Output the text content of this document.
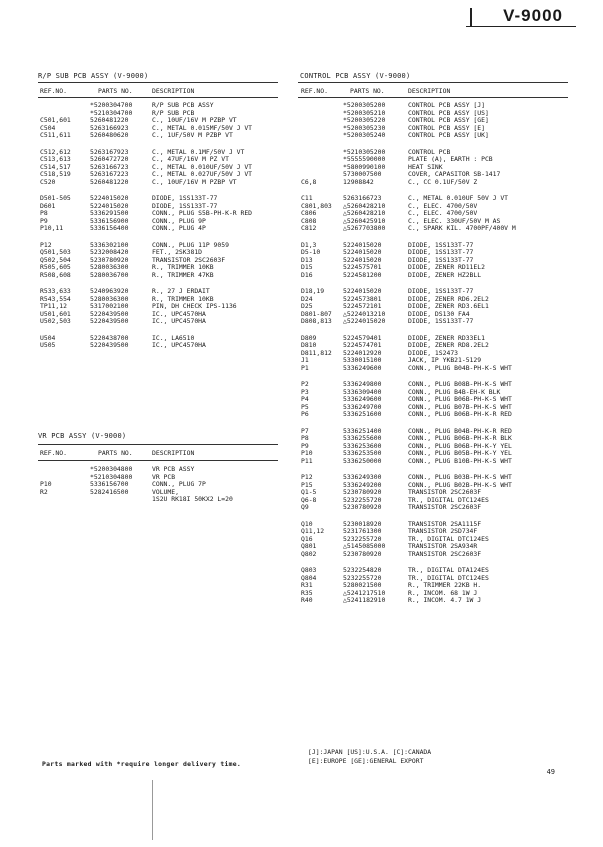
V-9000
R/P SUB PCB ASSY (V-9000)
REF.NO.	PARTS NO.	DESCRIPTION
*5200304700	R/P SUB PCB ASSY
*5210304700	R/P SUB PCB
C501,601	5260481220	C., 10UF/16V M PZBP VT
C504	5263166923	C., METAL 0.015MF/50V J VT
C511,611	5260480620	C., 1UF/50V M PZBP VT
C512,612	5263167923	C., METAL 0.1MF/50V J VT
C513,613	5260472720	C., 47UF/16V M PZ VT
C514,517	5263166723	C., METAL 0.010UF/50V J VT
C518,519	5263167223	C., METAL 0.027UF/50V J VT
C520	5260481220	C., 10UF/16V M PZBP VT
D501-505	5224015020	DIODE, 1SS133T-77
D601	5224015020	DIODE, 1SS133T-77
P8	5336291500	CONN., PLUG S5B-PH-K-R RED
P9	5336156900	CONN., PLUG 9P
P10,11	5336156400	CONN., PLUG 4P
P12	5336302100	CONN., PLUG 11P 9059
Q501,503	5232008420	FET., 2SK381D
Q502,504	5230780920	TRANSISTOR 2SC2603F
R505,605	5280036300	R., TRIMMER 10KB
R508,608	5280036700	R., TRIMMER 47KB
R533,633	5240963920	R., 27 J ERDAIT
R543,554	5280036300	R., TRIMMER 10KB
TP11,12	5317002100	PIN, DH CHECK IPS-1136
U501,601	5220439500	IC., UPC4570HA
U502,503	5220439500	IC., UPC4570HA
U504	5220438700	IC., LA6510
U505	5220439500	IC., UPC4570HA
VR PCB ASSY (V-9000)
REF.NO.	PARTS NO.	DESCRIPTION
*5200304800	VR PCB ASSY
*5210304800	VR PCB
P10	5336156700	CONN., PLUG 7P
R2	5282416500	VOLUME,
1S2U RK18I 50KX2 L=20
CONTROL PCB ASSY (V-9000)
REF.NO.	PARTS NO.	DESCRIPTION
*5200305200	CONTROL PCB ASSY [J]
*5200305210	CONTROL PCB ASSY [US]
*5200305220	CONTROL PCB ASSY [GE]
*5200305230	CONTROL PCB ASSY [E]
*5200305240	CONTROL PCB ASSY [UK]
*5210305200	CONTROL PCB
*5555590000	PLATE (A), EARTH : PCB
*5800990100	HEAT SINK
5730007500	COVER, CAPASITOR SB-1417
C6,8	12908842	C., CC 0.1UF/50V Z
C11	5263166723	C., METAL 0.010UF 50V J VT
C801,803 △5260428210	C., ELEC. 4700/50V
C806	△5260428210	C., ELEC. 4700/50V
C808	△5260425910	C., ELEC. 330UF/50V M AS
C812	△5267703800	C., SPARK KIL. 4700PF/400V M
D1,3	5224015020	DIODE, 1SS133T-77
D5-10	5224015020	DIODE, 1SS133T-77
D13	5224015020	DIODE, 1SS133T-77
D15	5224575701	DIODE, ZENER RD11EL2
D16	5224581200	DIODE, ZENER HZ2BLL
D18,19	5224015020	DIODE, 1SS133T-77
D24	5224573801	DIODE, ZENER RD6.2EL2
D25	5224572101	DIODE, ZENER RD3.6EL1
D801-807 △5224013210	DIODE, DS130 FA4
D808,813 △5224015020	DIODE, 1SS133T-77
D809	5224579401	DIODE, ZENER RD33EL1
D810	5224574701	DIODE, ZENER RD8.2EL2
D811,812 5224012920	DIODE, 1S2473
J1	5330015100	JACK, IP YKB21-5129
P1	5336249600	CONN., PLUG B04B-PH-K-S WHT
P2	5336249800	CONN., PLUG B08B-PH-K-S WHT
P3	5336309400	CONN., PLUG B4B-EH-K BLK
P4	5336249600	CONN., PLUG B06B-PH-K-S WHT
P5	5336249700	CONN., PLUG B07B-PH-K-S WHT
P6	5336251600	CONN., PLUG B06B-PH-K-R RED
P7	5336251400	CONN., PLUG B04B-PH-K-R RED
P8	5336255600	CONN., PLUG B06B-PH-K-R BLK
P9	5336253600	CONN., PLUG B06B-PH-K-Y YEL
P10	5336253500	CONN., PLUG B05B-PH-K-Y YEL
P11	5336250000	CONN., PLUG B10B-PH-K-S WHT
P12	5336249300	CONN., PLUG B03B-PH-K-S WHT
P15	5336249200	CONN., PLUG B02B-PH-K-S WHT
Q1-5	5230780920	TRANSISTOR 2SC2603F
Q6-8	5232255720	TR., DIGITAL DTC124ES
Q9	5230780920	TRANSISTOR 2SC2603F
Q10	5230018920	TRANSISTOR 2SA1115F
Q11,12	5231761300	TRANSISTOR 2SD734F
Q16	5232255720	TR., DIGITAL DTC124ES
Q801	△5145085000	TRANSISTOR 2SA934R
Q802	5230780920	TRANSISTOR 2SC2603F
Q803	5232254820	TR., DIGITAL DTA124ES
Q804	5232255720	TR., DIGITAL DTC124ES
R31	5280021500	R., TRIMMER 22KB H.
R35	△5241217510	R., INCOM. 68 1W J
R40	△5241182910	R., INCOM. 4.7 1W J
Parts marked with *require longer delivery time.
[J]:JAPAN [US]:U.S.A. [C]:CANADA
[E]:EUROPE [GE]:GENERAL EXPORT
49
